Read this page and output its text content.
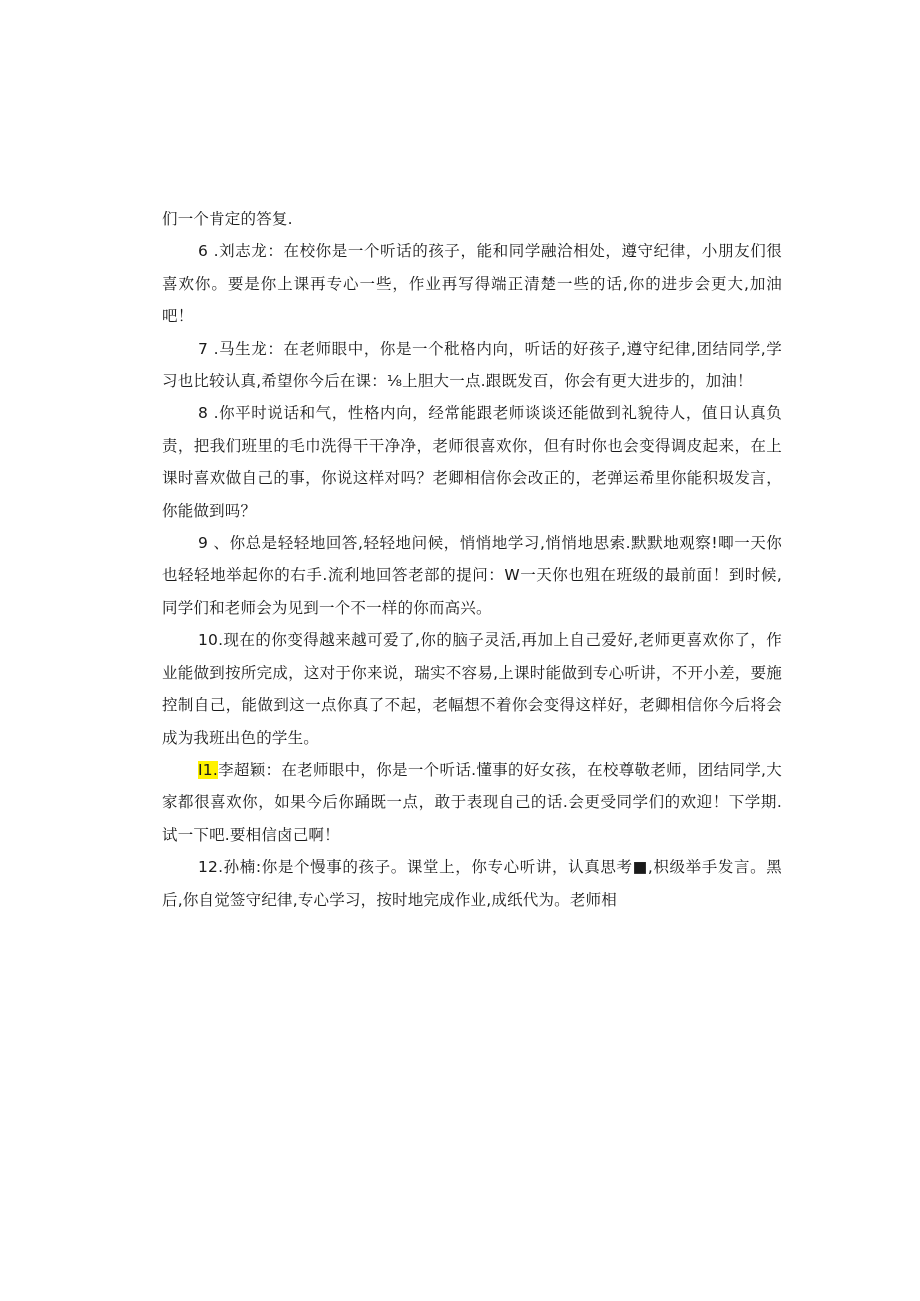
们一个肯定的答复.

6 .刘志龙：在校你是一个听话的孩子，能和同学融洽相处，遵守纪律，小朋友们很喜欢你。要是你上课再专心一些，作业再写得端正清楚一些的话,你的进步会更大,加油吧！

7 .马生龙：在老师眼中，你是一个秕格内向，听话的好孩子,遵守纪律,团结同学,学习也比较认真,希望你今后在课：⅛上胆大一点.跟既发百，你会有更大进步的，加油！

8 .你平时说话和气，性格内向，经常能跟老师谈谈还能做到礼貌待人，值日认真负责，把我们班里的毛巾洗得干干净净，老师很喜欢你，但有时你也会变得调皮起来，在上课时喜欢做自己的事，你说这样对吗？老卿相信你会改正的，老弹运希里你能积圾发言，你能做到吗？

9 、你总是轻轻地回答,轻轻地问候，悄悄地学习,悄悄地思索.默默地观察!唧一天你也轻轻地举起你的右手.流利地回答老部的提问：W一天你也殂在班级的最前面！到时候,同学们和老师会为见到一个不一样的你而高兴。

10.现在的你变得越来越可爱了,你的脑子灵活,再加上自己爱好,老师更喜欢你了，作业能做到按所完成，这对于你来说，瑞实不容易,上课时能做到专心听讲，不开小差，要施控制自己，能做到这一点你真了不起，老幅想不着你会变得这样好，老卿相信你今后将会成为我班出色的学生。

I1.李超颖：在老师眼中，你是一个听话.懂事的好女孩，在校尊敬老师，团结同学,大家都很喜欢你，如果今后你踊既一点，敢于表现自己的话.会更受同学们的欢迎！下学期.试一下吧.要相信卤己啊！

12.孙楠:你是个慢事的孩子。课堂上，你专心听讲，认真思考■,枳级举手发言。黑后,你自觉签守纪律,专心学习，按时地完成作业,成纸代为。老师相
